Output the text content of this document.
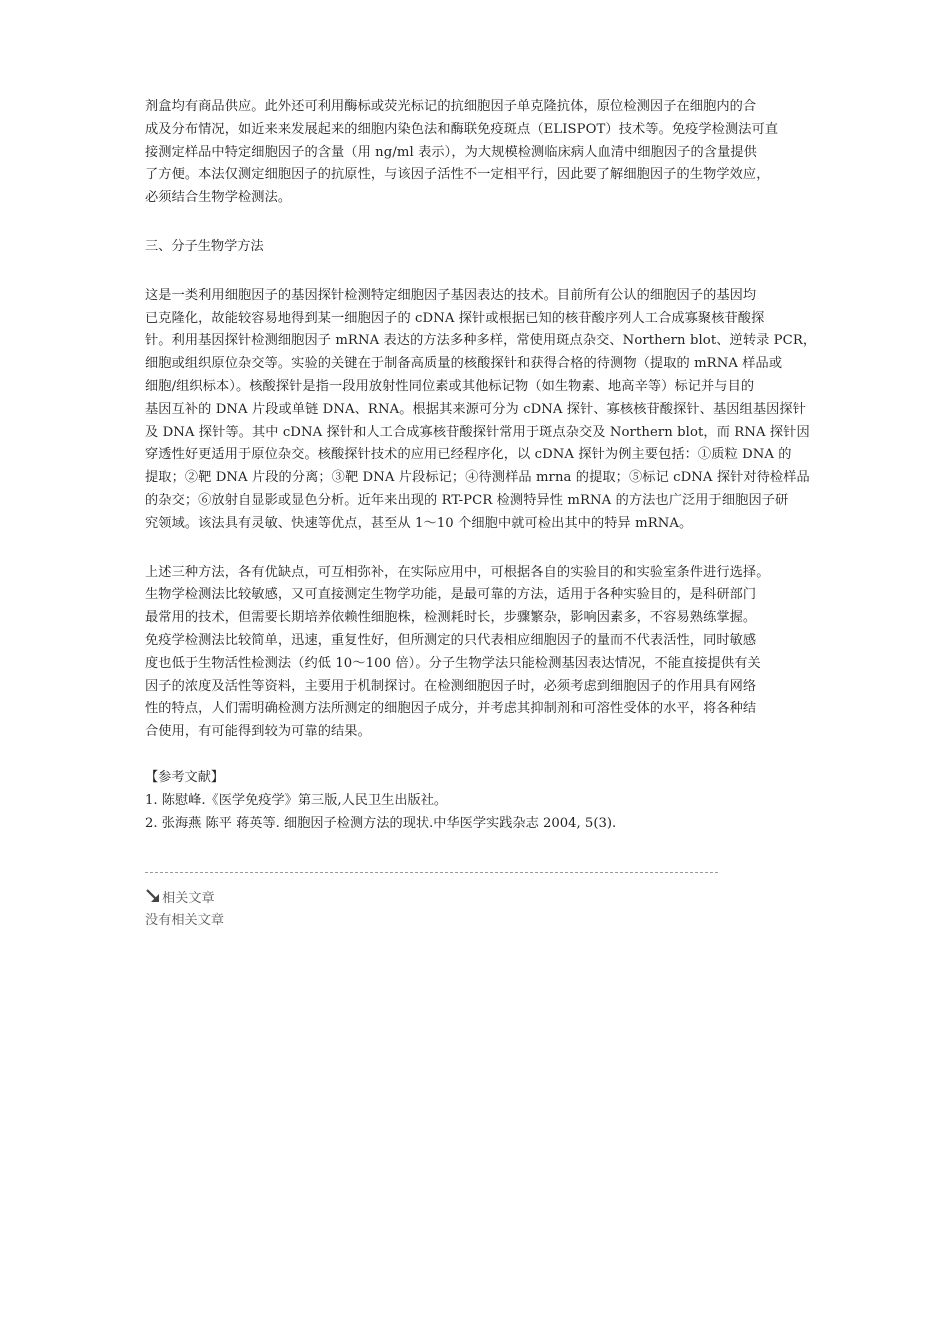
剂盒均有商品供应。此外还可利用酶标或荧光标记的抗细胞因子单克隆抗体，原位检测因子在细胞内的合
成及分布情况，如近来来发展起来的细胞内染色法和酶联免疫斑点（ELISPOT）技术等。免疫学检测法可直
接测定样品中特定细胞因子的含量（用 ng/ml 表示），为大规模检测临床病人血清中细胞因子的含量提供
了方便。本法仅测定细胞因子的抗原性，与该因子活性不一定相平行，因此要了解细胞因子的生物学效应，
必须结合生物学检测法。

三、分子生物学方法

这是一类利用细胞因子的基因探针检测特定细胞因子基因表达的技术。目前所有公认的细胞因子的基因均
已克隆化，故能较容易地得到某一细胞因子的 cDNA 探针或根据已知的核苷酸序列人工合成寡聚核苷酸探
针。利用基因探针检测细胞因子 mRNA 表达的方法多种多样，常使用斑点杂交、Northern blot、逆转录 PCR，
细胞或组织原位杂交等。实验的关键在于制备高质量的核酸探针和获得合格的待测物（提取的 mRNA 样品或
细胞/组织标本）。核酸探针是指一段用放射性同位素或其他标记物（如生物素、地高辛等）标记并与目的
基因互补的 DNA 片段或单链 DNA、RNA。根据其来源可分为 cDNA 探针、寡核核苷酸探针、基因组基因探针
及 DNA 探针等。其中 cDNA 探针和人工合成寡核苷酸探针常用于斑点杂交及 Northern blot，而 RNA 探针因
穿透性好更适用于原位杂交。核酸探针技术的应用已经程序化，以 cDNA 探针为例主要包括：①质粒 DNA 的
提取；②靶 DNA 片段的分离；③靶 DNA 片段标记；④待测样品 mrna 的提取；⑤标记 cDNA 探针对待检样品
的杂交；⑥放射自显影或显色分析。近年来出现的 RT-PCR 检测特异性 mRNA 的方法也广泛用于细胞因子研
究领域。该法具有灵敏、快速等优点，甚至从 1～10 个细胞中就可检出其中的特异 mRNA。
上述三种方法，各有优缺点，可互相弥补，在实际应用中，可根据各自的实验目的和实验室条件进行选择。
生物学检测法比较敏感，又可直接测定生物学功能，是最可靠的方法，适用于各种实验目的，是科研部门
最常用的技术，但需要长期培养依赖性细胞株，检测耗时长，步骤繁杂，影响因素多，不容易熟练掌握。
免疫学检测法比较简单，迅速，重复性好，但所测定的只代表相应细胞因子的量而不代表活性，同时敏感
度也低于生物活性检测法（约低 10～100 倍）。分子生物学法只能检测基因表达情况，不能直接提供有关
因子的浓度及活性等资料，主要用于机制探讨。在检测细胞因子时，必须考虑到细胞因子的作用具有网络
性的特点，人们需明确检测方法所测定的细胞因子成分，并考虑其抑制剂和可溶性受体的水平，将各种结
合使用，有可能得到较为可靠的结果。

【参考文献】

1. 陈慰峰.《医学免疫学》第三版,人民卫生出版社。

2. 张海燕 陈平 蒋英等. 细胞因子检测方法的现状.中华医学实践杂志 2004, 5(3).

相关文章

没有相关文章
